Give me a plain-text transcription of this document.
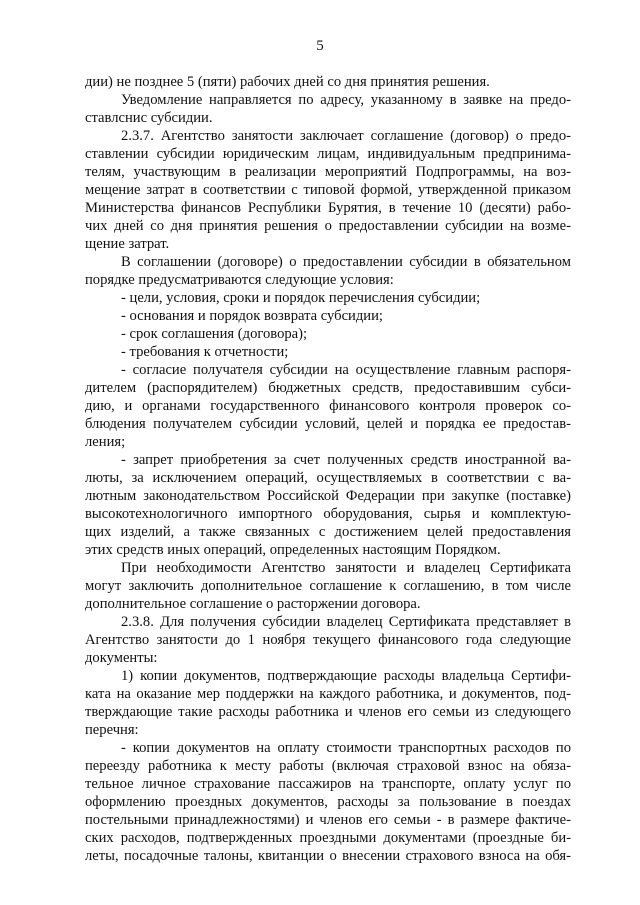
5
дии) не позднее 5 (пяти) рабочих дней со дня принятия решения.
Уведомление направляется по адресу, указанному в заявке на предо-
ставлснис субсидии.
2.3.7. Агентство занятости заключает соглашение (договор) о предо-
ставлении субсидии юридическим лицам, индивидуальным предпринима-
телям, участвующим в реализации мероприятий Подпрограммы, на воз-
мещение затрат в соответствии с типовой формой, утвержденной приказом
Министерства финансов Республики Бурятия, в течение 10 (десяти) рабо-
чих дней со дня принятия решения о предоставлении субсидии на возме-
щение затрат.
В соглашении (договоре) о предоставлении субсидии в обязательном
порядке предусматриваются следующие условия:
- цели, условия, сроки и порядок перечисления субсидии;
- основания и порядок возврата субсидии;
- срок соглашения (договора);
- требования к отчетности;
- согласие получателя субсидии на осуществление главным распоря-
дителем (распорядителем) бюджетных средств, предоставившим субси-
дию, и органами государственного финансового контроля проверок со-
блюдения получателем субсидии условий, целей и порядка ее предостав-
ления;
- запрет приобретения за счет полученных средств иностранной ва-
люты, за исключением операций, осуществляемых в соответствии с ва-
лютным законодательством Российской Федерации при закупке (поставке)
высокотехнологичного импортного оборудования, сырья и комплектую-
щих изделий, а также связанных с достижением целей предоставления
этих средств иных операций, определенных настоящим Порядком.
При необходимости Агентство занятости и владелец Сертификата
могут заключить дополнительное соглашение к соглашению, в том числе
дополнительное соглашение о расторжении договора.
2.3.8. Для получения субсидии владелец Сертификата представляет в
Агентство занятости до 1 ноября текущего финансового года следующие
документы:
1) копии документов, подтверждающие расходы владельца Сертифи-
ката на оказание мер поддержки на каждого работника, и документов, под-
тверждающие такие расходы работника и членов его семьи из следующего
перечня:
- копии документов на оплату стоимости транспортных расходов по
переезду работника к месту работы (включая страховой взнос на обяза-
тельное личное страхование пассажиров на транспорте, оплату услуг по
оформлению проездных документов, расходы за пользование в поездах
постельными принадлежностями) и членов его семьи - в размере фактиче-
ских расходов, подтвержденных проездными документами (проездные би-
леты, посадочные талоны, квитанции о внесении страхового взноса на обя-
